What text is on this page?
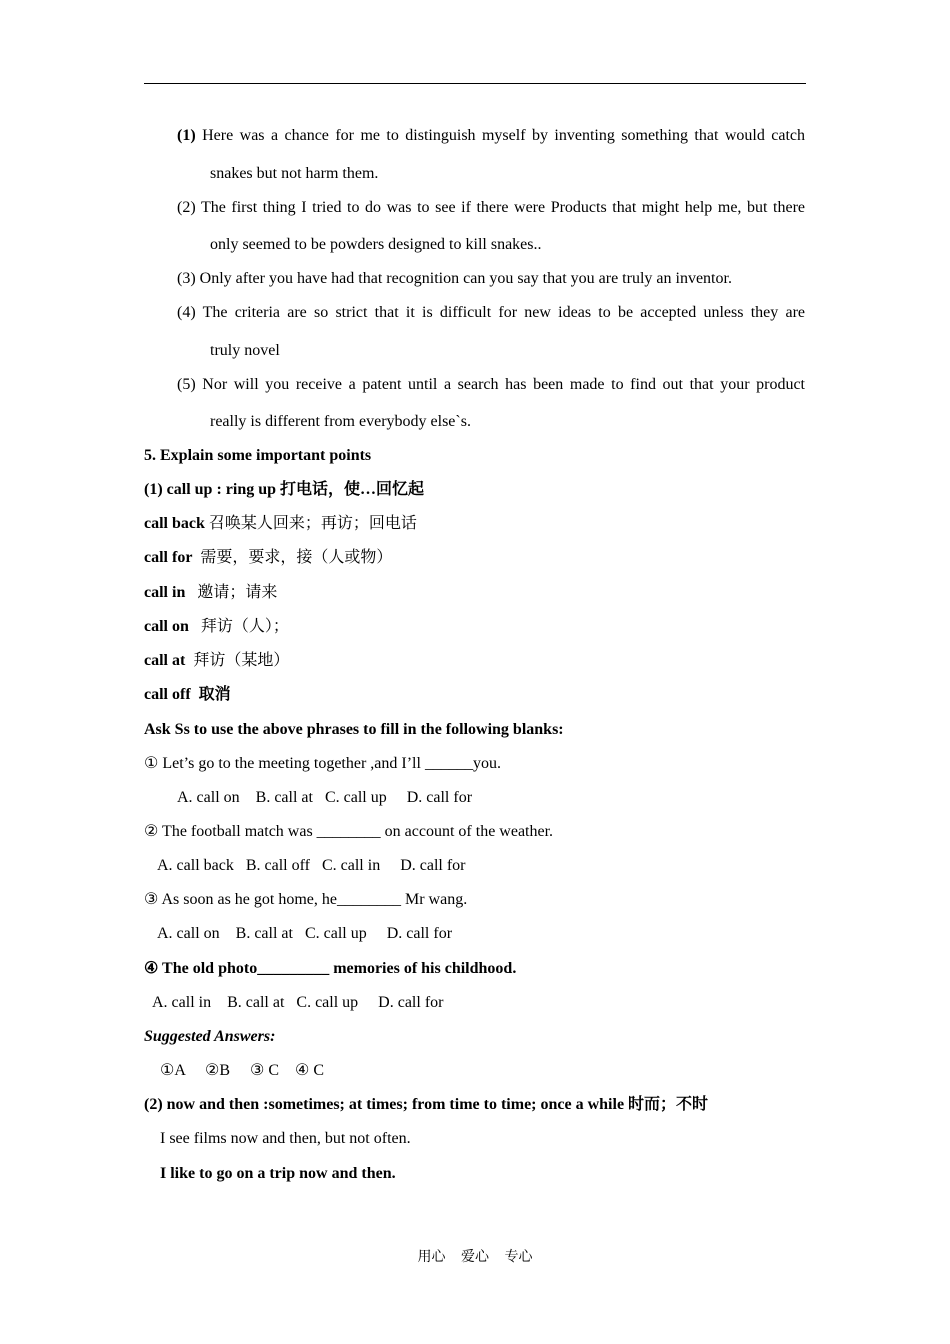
(1) Here was a chance for me to distinguish myself by inventing something that would catch
snakes but not harm them.
(2) The first thing I tried to do was to see if there were Products that might help me, but there
only seemed to be powders designed to kill snakes..
(3) Only after you have had that recognition can you say that you are truly an inventor.
(4) The criteria are so strict that it is difficult for new ideas to be accepted unless they are
truly novel
(5) Nor will you receive a patent until a search has been made to find out that your product
really is different from everybody else`s.
5. Explain some important points
(1) call up : ring up 打电话，使…回忆起
call back 召唤某人回来；再访；回电话
call for 需要，要求，接（人或物）
call in 邀请；请来
call on 拜访（人）；
call at 拜访（某地）
call off 取消
Ask Ss to use the above phrases to fill in the following blanks:
① Let’s go to the meeting together ,and I’ll ______you.
A. call on    B. call at   C. call up     D. call for
② The football match was ________ on account of the weather.
A. call back   B. call off   C. call in     D. call for
③ As soon as he got home, he________ Mr wang.
A. call on    B. call at   C. call up     D. call for
④ The old photo_________ memories of his childhood.
A. call in    B. call at   C. call up     D. call for
Suggested Answers:
①A     ②B     ③ C    ④ C
(2) now and then :sometimes; at times; from time to time; once a while 时而；不时
I see films now and then, but not often.
I like to go on a trip now and then.
用心 爱心 专心
